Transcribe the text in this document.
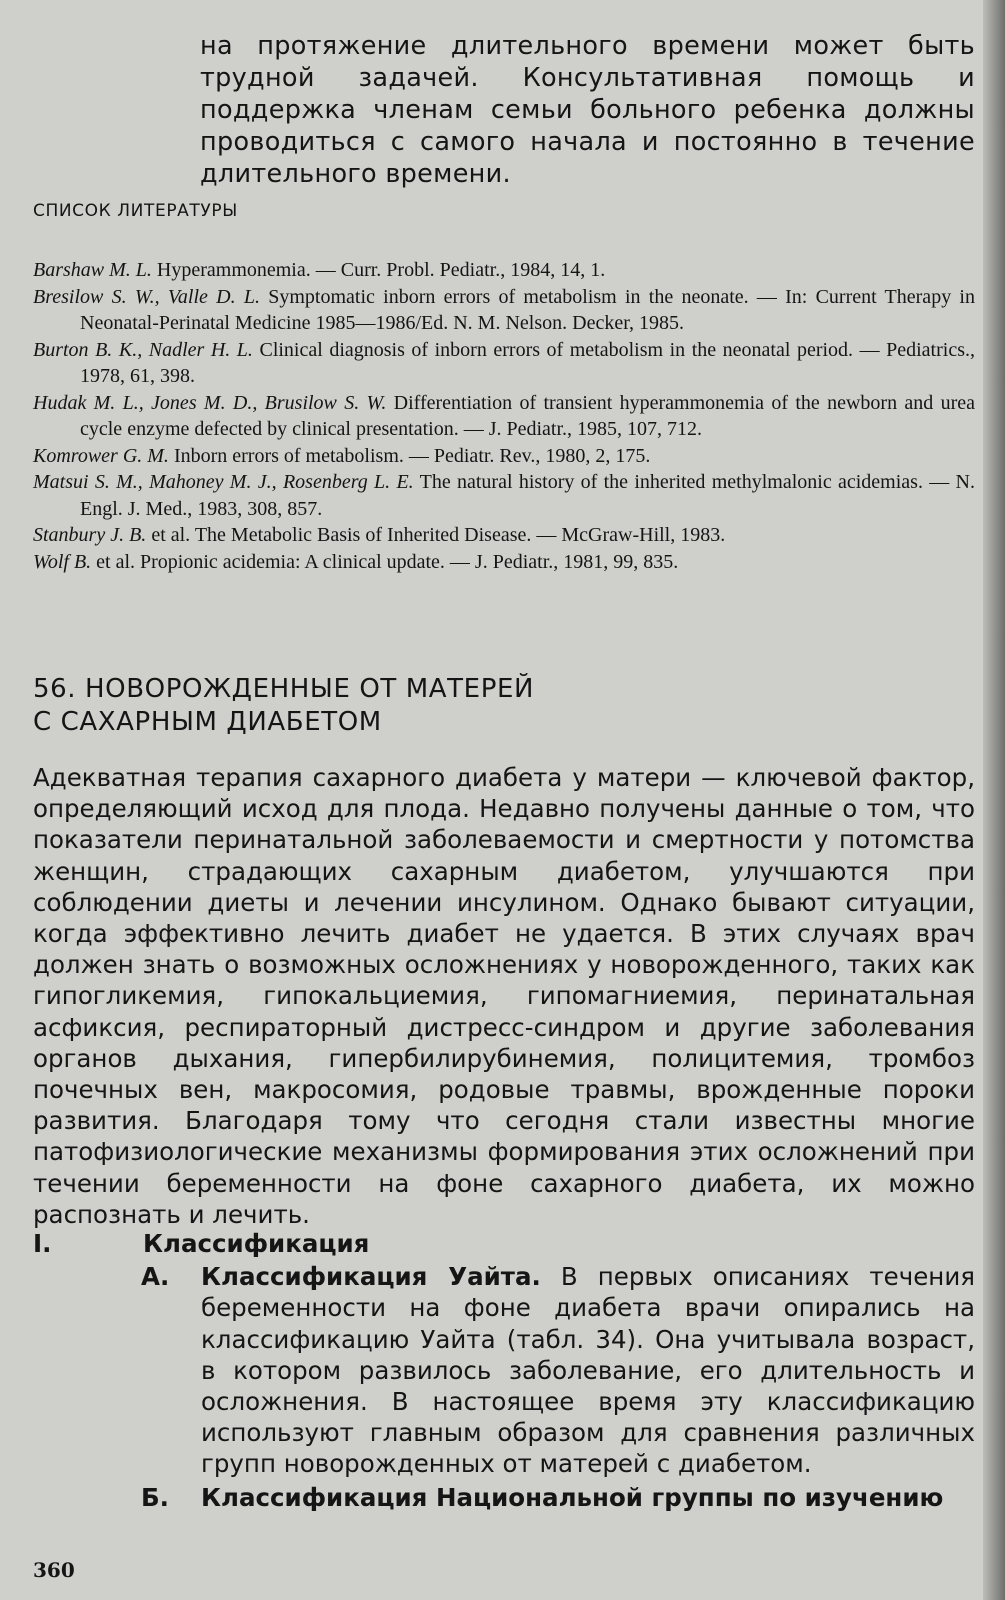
на протяжение длительного времени может быть трудной задачей. Консультативная помощь и поддержка членам семьи больного ребенка должны проводиться с самого начала и постоянно в течение длительного времени.

СПИСОК ЛИТЕРАТУРЫ

Barshaw M. L. Hyperammonemia. — Curr. Probl. Pediatr., 1984, 14, 1.

Bresilow S. W., Valle D. L. Symptomatic inborn errors of metabolism in the neonate. — In: Current Therapy in Neonatal-Perinatal Medicine 1985—1986/Ed. N. M. Nelson. Decker, 1985.

Burton B. K., Nadler H. L. Clinical diagnosis of inborn errors of metabolism in the neonatal period. — Pediatrics., 1978, 61, 398.

Hudak M. L., Jones M. D., Brusilow S. W. Differentiation of transient hyperammonemia of the newborn and urea cycle enzyme defected by clinical presentation. — J. Pediatr., 1985, 107, 712.

Komrower G. M. Inborn errors of metabolism. — Pediatr. Rev., 1980, 2, 175.

Matsui S. M., Mahoney M. J., Rosenberg L. E. The natural history of the inherited methylmalonic acidemias. — N. Engl. J. Med., 1983, 308, 857.

Stanbury J. B. et al. The Metabolic Basis of Inherited Disease. — McGraw-Hill, 1983.

Wolf B. et al. Propionic acidemia: A clinical update. — J. Pediatr., 1981, 99, 835.

56. НОВОРОЖДЕННЫЕ ОТ МАТЕРЕЙ
С САХАРНЫМ ДИАБЕТОМ

Адекватная терапия сахарного диабета у матери — ключевой фактор, определяющий исход для плода. Недавно получены данные о том, что показатели перинатальной заболеваемости и смертности у потомства женщин, страдающих сахарным диабетом, улучшаются при соблюдении диеты и лечении инсулином. Однако бывают ситуации, когда эффективно лечить диабет не удается. В этих случаях врач должен знать о возможных осложнениях у новорожденного, таких как гипогликемия, гипокальциемия, гипомагниемия, перинатальная асфиксия, респираторный дистресс-синдром и другие заболевания органов дыхания, гипербилирубинемия, полицитемия, тромбоз почечных вен, макросомия, родовые травмы, врожденные пороки развития. Благодаря тому что сегодня стали известны многие патофизиологические механизмы формирования этих осложнений при течении беременности на фоне сахарного диабета, их можно распознать и лечить.

I.	Классификация
А.	Классификация Уайта. В первых описаниях течения беременности на фоне диабета врачи опирались на классификацию Уайта (табл. 34). Она учитывала возраст, в котором развилось заболевание, его длительность и осложнения. В настоящее время эту классификацию используют главным образом для сравнения различных групп новорожденных от матерей с диабетом.
Б.	Классификация Национальной группы по изучению
360
